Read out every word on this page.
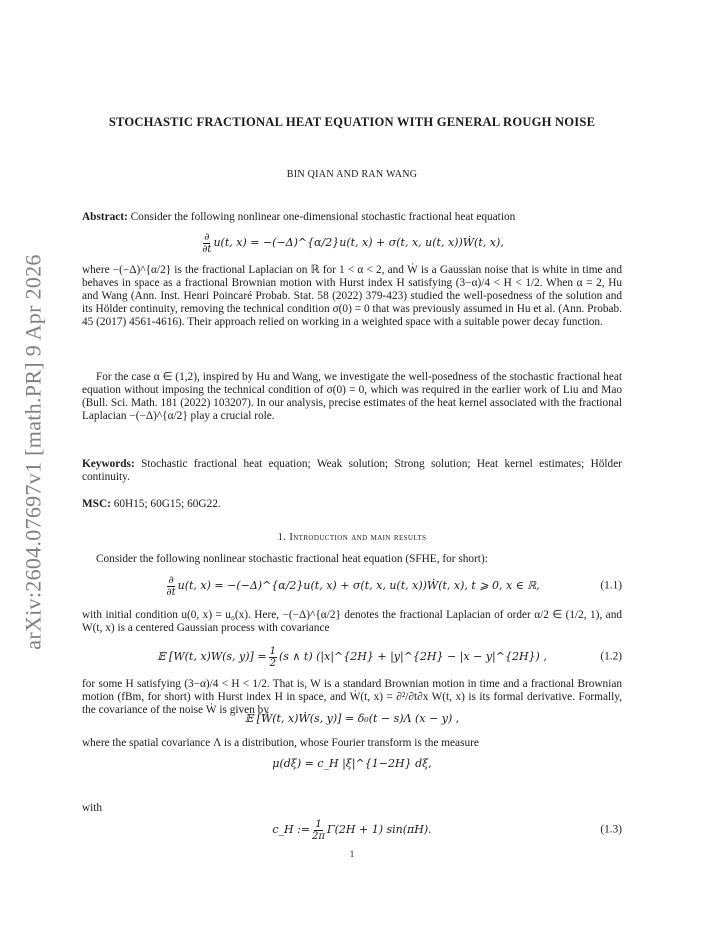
arXiv:2604.07697v1 [math.PR] 9 Apr 2026
STOCHASTIC FRACTIONAL HEAT EQUATION WITH GENERAL ROUGH NOISE
BIN QIAN AND RAN WANG
Abstract: Consider the following nonlinear one-dimensional stochastic fractional heat equation
$\frac{\partial}{\partial t} u(t$, x) = −(−Δ)^{α/2}u(t, x) + σ(t, x, u(t, x))Ẇ(t, x),
where −(−Δ)^{α/2} is the fractional Laplacian on ℝ for 1 < α < 2, and Ẇ is a Gaussian noise that is white in time and behaves in space as a fractional Brownian motion with Hurst index H satisfying (3−α)/4 < H < 1/2. When α = 2, Hu and Wang (Ann. Inst. Henri Poincaré Probab. Stat. 58 (2022) 379-423) studied the well-posedness of the solution and its Hölder continuity, removing the technical condition σ(0) = 0 that was previously assumed in Hu et al. (Ann. Probab. 45 (2017) 4561-4616). Their approach relied on working in a weighted space with a suitable power decay function.
For the case α ∈ (1,2), inspired by Hu and Wang, we investigate the well-posedness of the stochastic fractional heat equation without imposing the technical condition of σ(0) = 0, which was required in the earlier work of Liu and Mao (Bull. Sci. Math. 181 (2022) 103207). In our analysis, precise estimates of the heat kernel associated with the fractional Laplacian −(−Δ)^{α/2} play a crucial role.
Keywords: Stochastic fractional heat equation; Weak solution; Strong solution; Heat kernel estimates; Hölder continuity.
MSC: 60H15; 60G15; 60G22.
1. Introduction and main results
Consider the following nonlinear stochastic fractional heat equation (SFHE, for short):
$\frac{\partial}{\partial t} u(t$, x) = −(−Δ)^{α/2}u(t, x) + σ(t, x, u(t, x))Ẇ(t, x), t ⩾ 0, x ∈ ℝ,	(1.1)
with initial condition u(0, x) = u₀(x). Here, −(−Δ)^{α/2} denotes the fractional Laplacian of order α/2 ∈ (1/2, 1), and W(t, x) is a centered Gaussian process with covariance
𝔼 [W(t, x)W(s, $y)] = \frac{1}{2} (s$ ∧ t) (|x|^{2H} + |y|^{2H} − |x − y|^{2H}) ,	(1.2)
for some H satisfying (3−α)/4 < H < 1/2. That is, W is a standard Brownian motion in time and a fractional Brownian motion (fBm, for short) with Hurst index H in space, and Ẇ(t, x) = ∂²/∂t∂x W(t, x) is its formal derivative. Formally, the covariance of the noise Ẇ is given by
𝔼 [Ẇ(t, x)Ẇ(s, y)] = δ₀(t − s)Λ (x − y) ,
where the spatial covariance Λ is a distribution, whose Fourier transform is the measure
μ(dξ) = c_H |ξ|^{1−2H} dξ,
with
c_H := $\frac{1}{2\pi} \Gamma(2H + 1)$ sin(πH).	(1.3)
1
